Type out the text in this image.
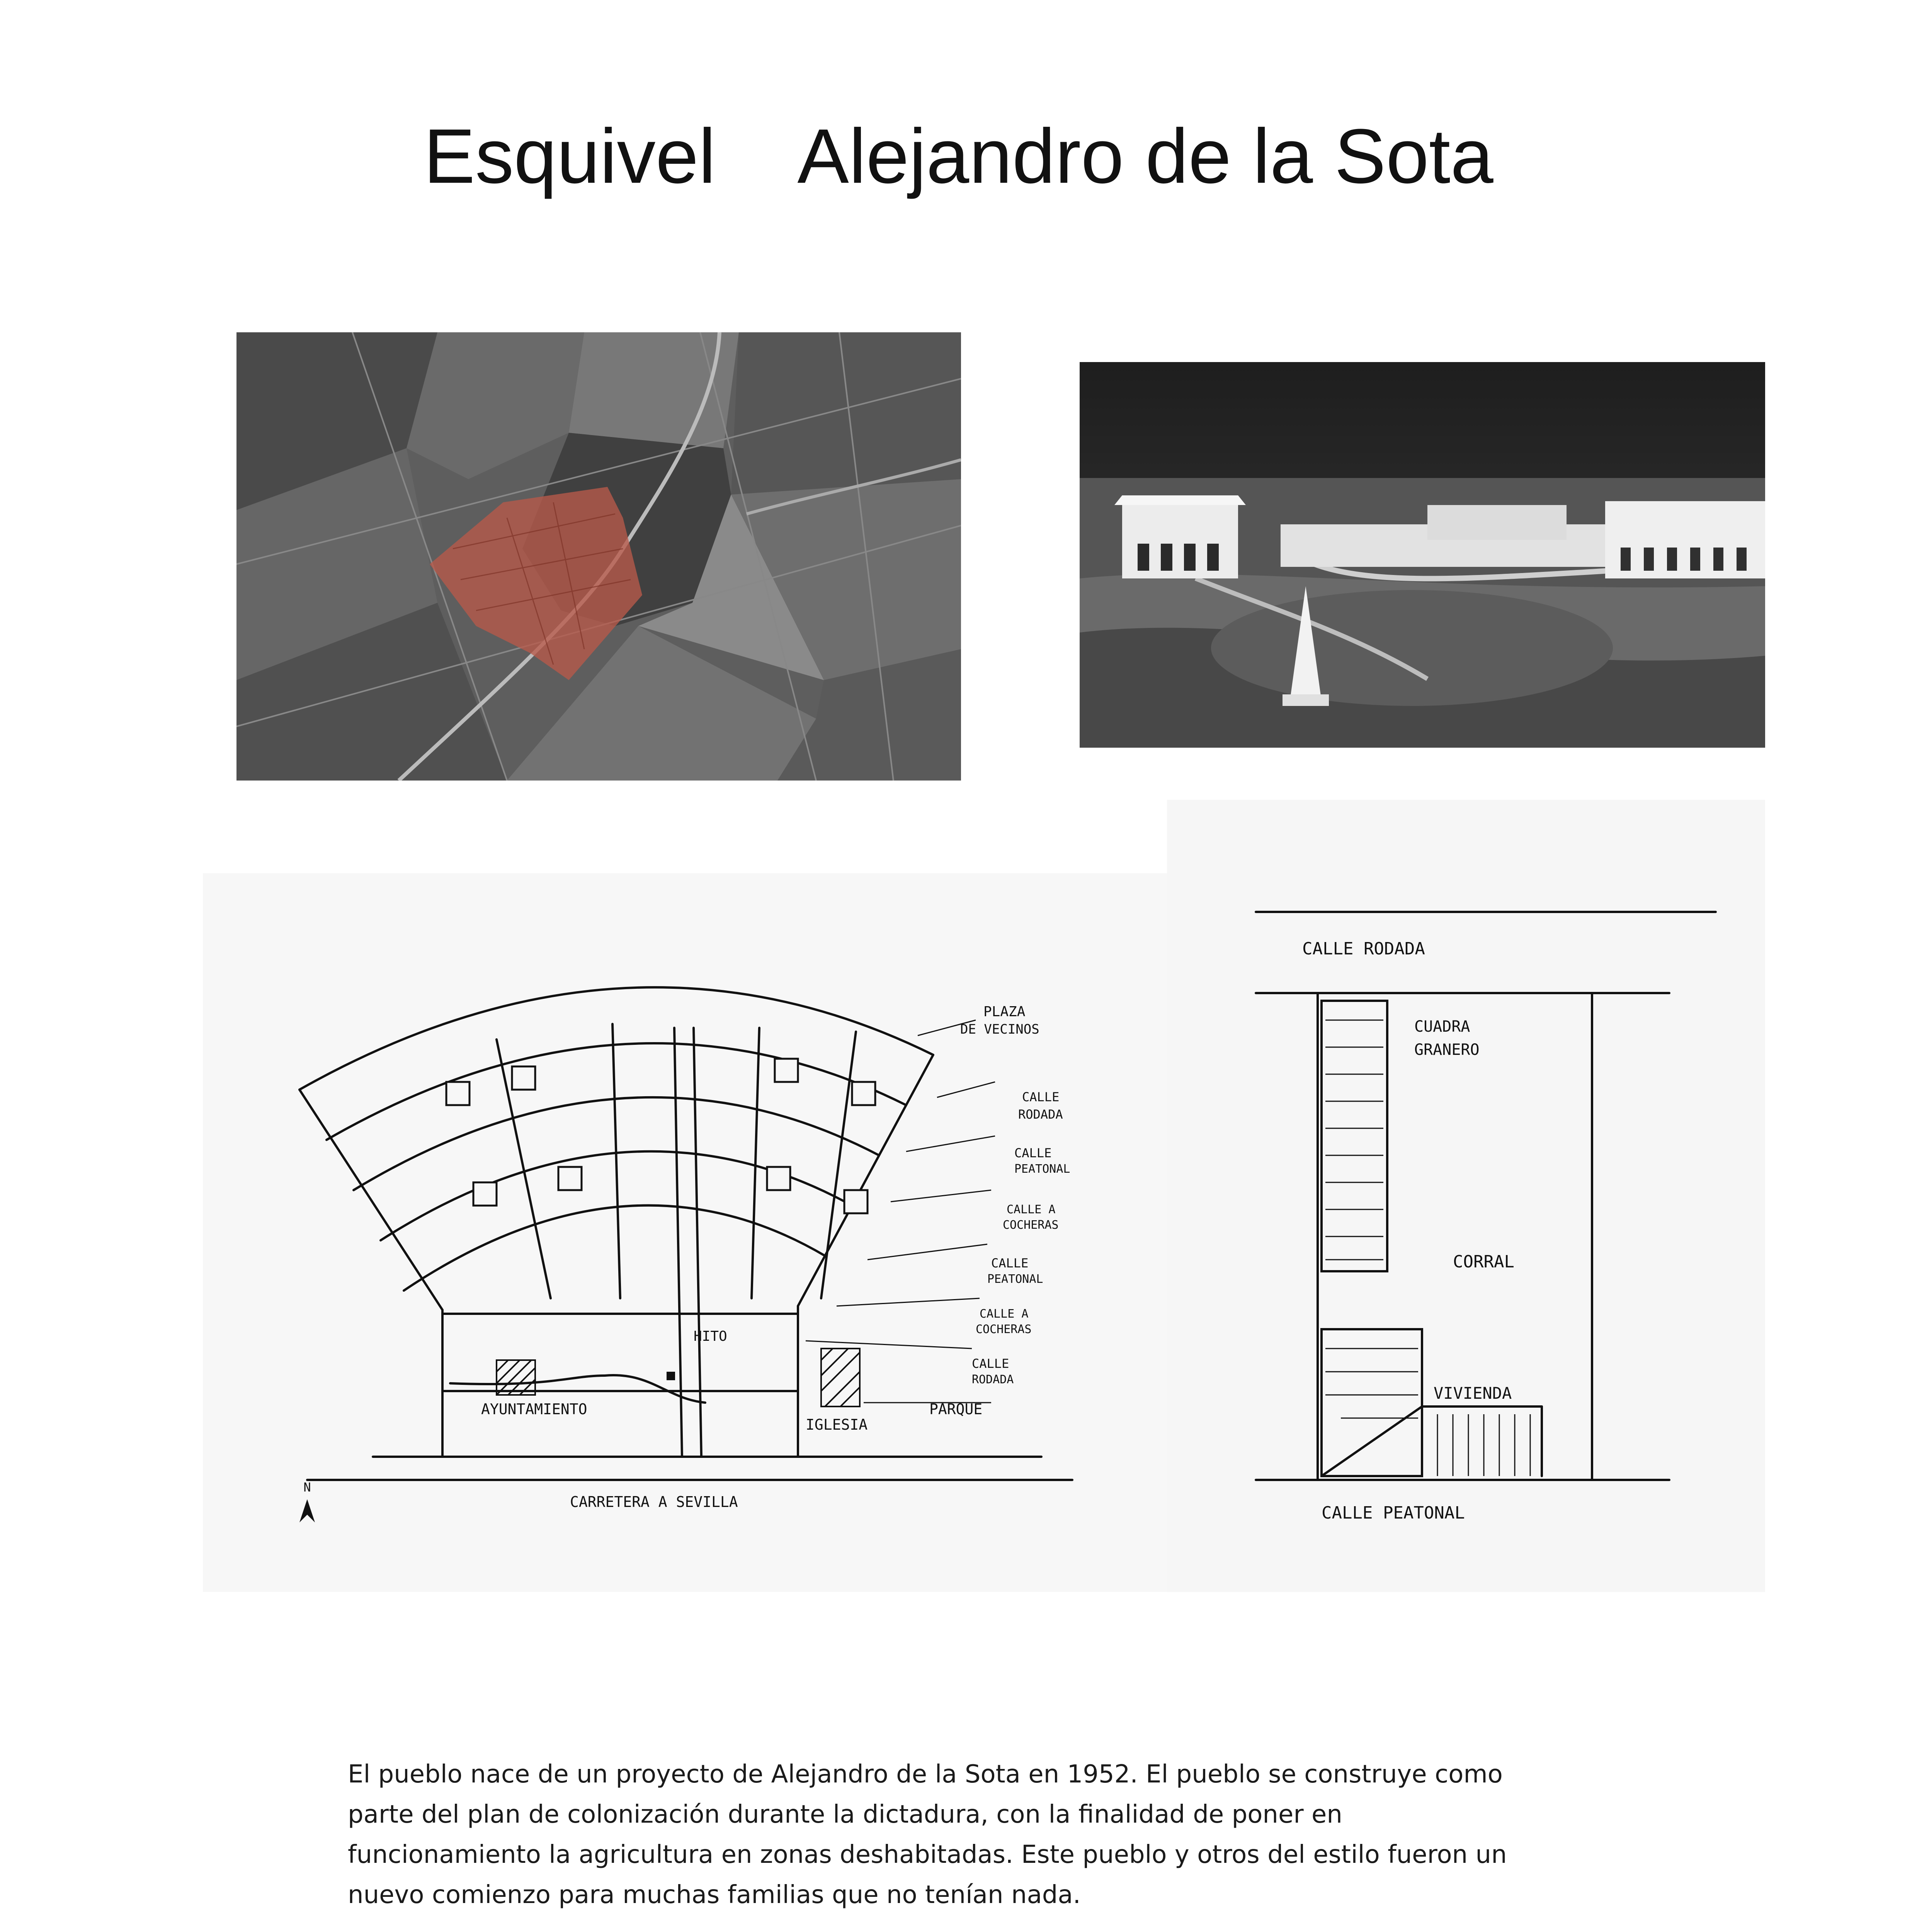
Esquivel    Alejandro de la Sota
N
PLAZA
DE VECINOS
CALLE
RODADA
CALLE
PEATONAL
CALLE A
COCHERAS
CALLE
PEATONAL
CALLE A
COCHERAS
CALLE
RODADA
HITO
AYUNTAMIENTO
IGLESIA
PARQUE
CARRETERA A SEVILLA
CALLE RODADA
CUADRA
GRANERO
CORRAL
VIVIENDA
CALLE PEATONAL

El pueblo nace de un proyecto de Alejandro de la Sota en 1952. El pueblo se construye como parte del plan de colonización durante la dictadura, con la finalidad de poner en funcionamiento la agricultura en zonas deshabitadas. Este pueblo y otros del estilo fueron un nuevo comienzo para muchas familias que no tenían nada.
